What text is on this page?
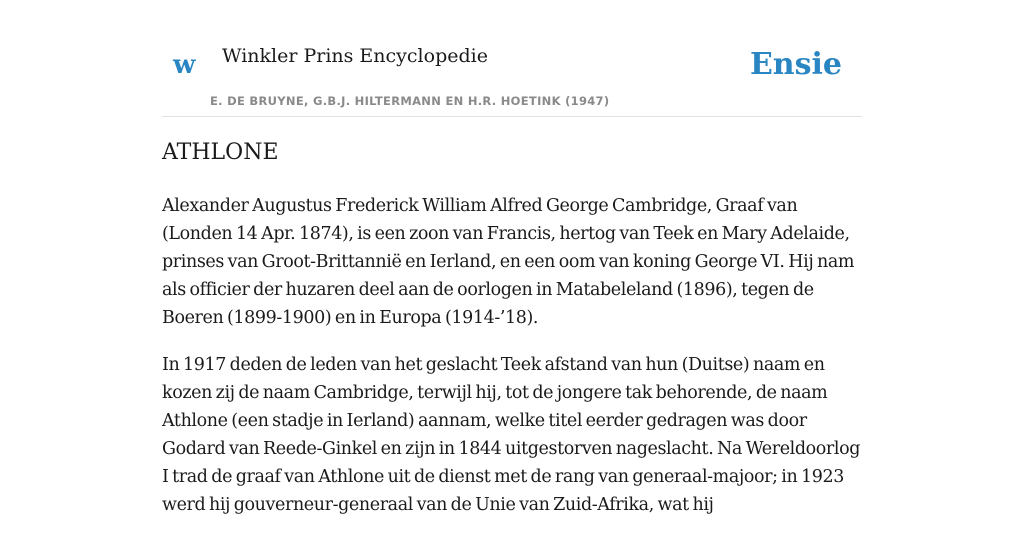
w Winkler Prins Encyclopedie
E. DE BRUYNE, G.B.J. HILTERMANN EN H.R. HOETINK (1947)
Ensie
ATHLONE

Alexander Augustus Frederick William Alfred George Cambridge, Graaf van (Londen 14 Apr. 1874), is een zoon van Francis, hertog van Teek en Mary Adelaide, prinses van Groot-Brittannië en Ierland, en een oom van koning George VI. Hij nam als officier der huzaren deel aan de oorlogen in Matabeleland (1896), tegen de Boeren (1899-1900) en in Europa (1914-’18).

In 1917 deden de leden van het geslacht Teek afstand van hun (Duitse) naam en kozen zij de naam Cambridge, terwijl hij, tot de jongere tak behorende, de naam Athlone (een stadje in Ierland) aannam, welke titel eerder gedragen was door Godard van Reede-Ginkel en zijn in 1844 uitgestorven nageslacht. Na Wereldoorlog I trad de graaf van Athlone uit de dienst met de rang van generaal-majoor; in 1923 werd hij gouverneur-generaal van de Unie van Zuid-Afrika, wat hij
